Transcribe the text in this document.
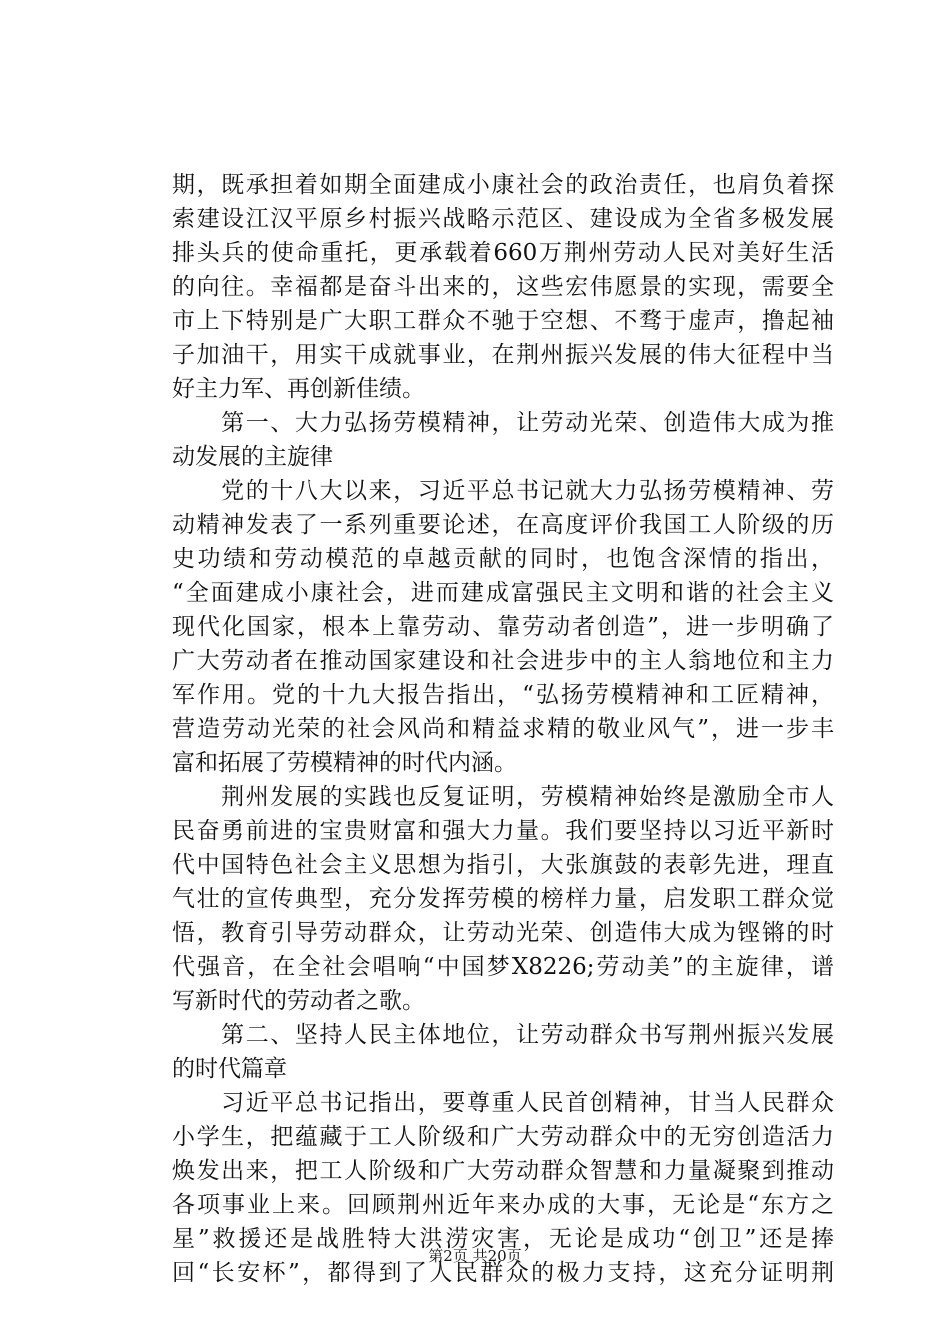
期，既承担着如期全面建成小康社会的政治责任，也肩负着探
索建设江汉平原乡村振兴战略示范区、建设成为全省多极发展
排头兵的使命重托，更承载着660万荆州劳动人民对美好生活
的向往。幸福都是奋斗出来的，这些宏伟愿景的实现，需要全
市上下特别是广大职工群众不驰于空想、不骛于虚声，撸起袖
子加油干，用实干成就事业，在荆州振兴发展的伟大征程中当
好主力军、再创新佳绩。
　　第一、大力弘扬劳模精神，让劳动光荣、创造伟大成为推
动发展的主旋律
　　党的十八大以来，习近平总书记就大力弘扬劳模精神、劳
动精神发表了一系列重要论述，在高度评价我国工人阶级的历
史功绩和劳动模范的卓越贡献的同时，也饱含深情的指出，
“全面建成小康社会，进而建成富强民主文明和谐的社会主义
现代化国家，根本上靠劳动、靠劳动者创造”，进一步明确了
广大劳动者在推动国家建设和社会进步中的主人翁地位和主力
军作用。党的十九大报告指出，“弘扬劳模精神和工匠精神，
营造劳动光荣的社会风尚和精益求精的敬业风气”，进一步丰
富和拓展了劳模精神的时代内涵。
　　荆州发展的实践也反复证明，劳模精神始终是激励全市人
民奋勇前进的宝贵财富和强大力量。我们要坚持以习近平新时
代中国特色社会主义思想为指引，大张旗鼓的表彰先进，理直
气壮的宣传典型，充分发挥劳模的榜样力量，启发职工群众觉
悟，教育引导劳动群众，让劳动光荣、创造伟大成为铿锵的时
代强音，在全社会唱响“中国梦X8226;劳动美”的主旋律，谱
写新时代的劳动者之歌。
　　第二、坚持人民主体地位，让劳动群众书写荆州振兴发展
的时代篇章
　　习近平总书记指出，要尊重人民首创精神，甘当人民群众
小学生，把蕴藏于工人阶级和广大劳动群众中的无穷创造活力
焕发出来，把工人阶级和广大劳动群众智慧和力量凝聚到推动
各项事业上来。回顾荆州近年来办成的大事，无论是“东方之
星”救援还是战胜特大洪涝灾害，无论是成功“创卫”还是捧
回“长安杯”，都得到了人民群众的极力支持，这充分证明荆
第2页 共20页
